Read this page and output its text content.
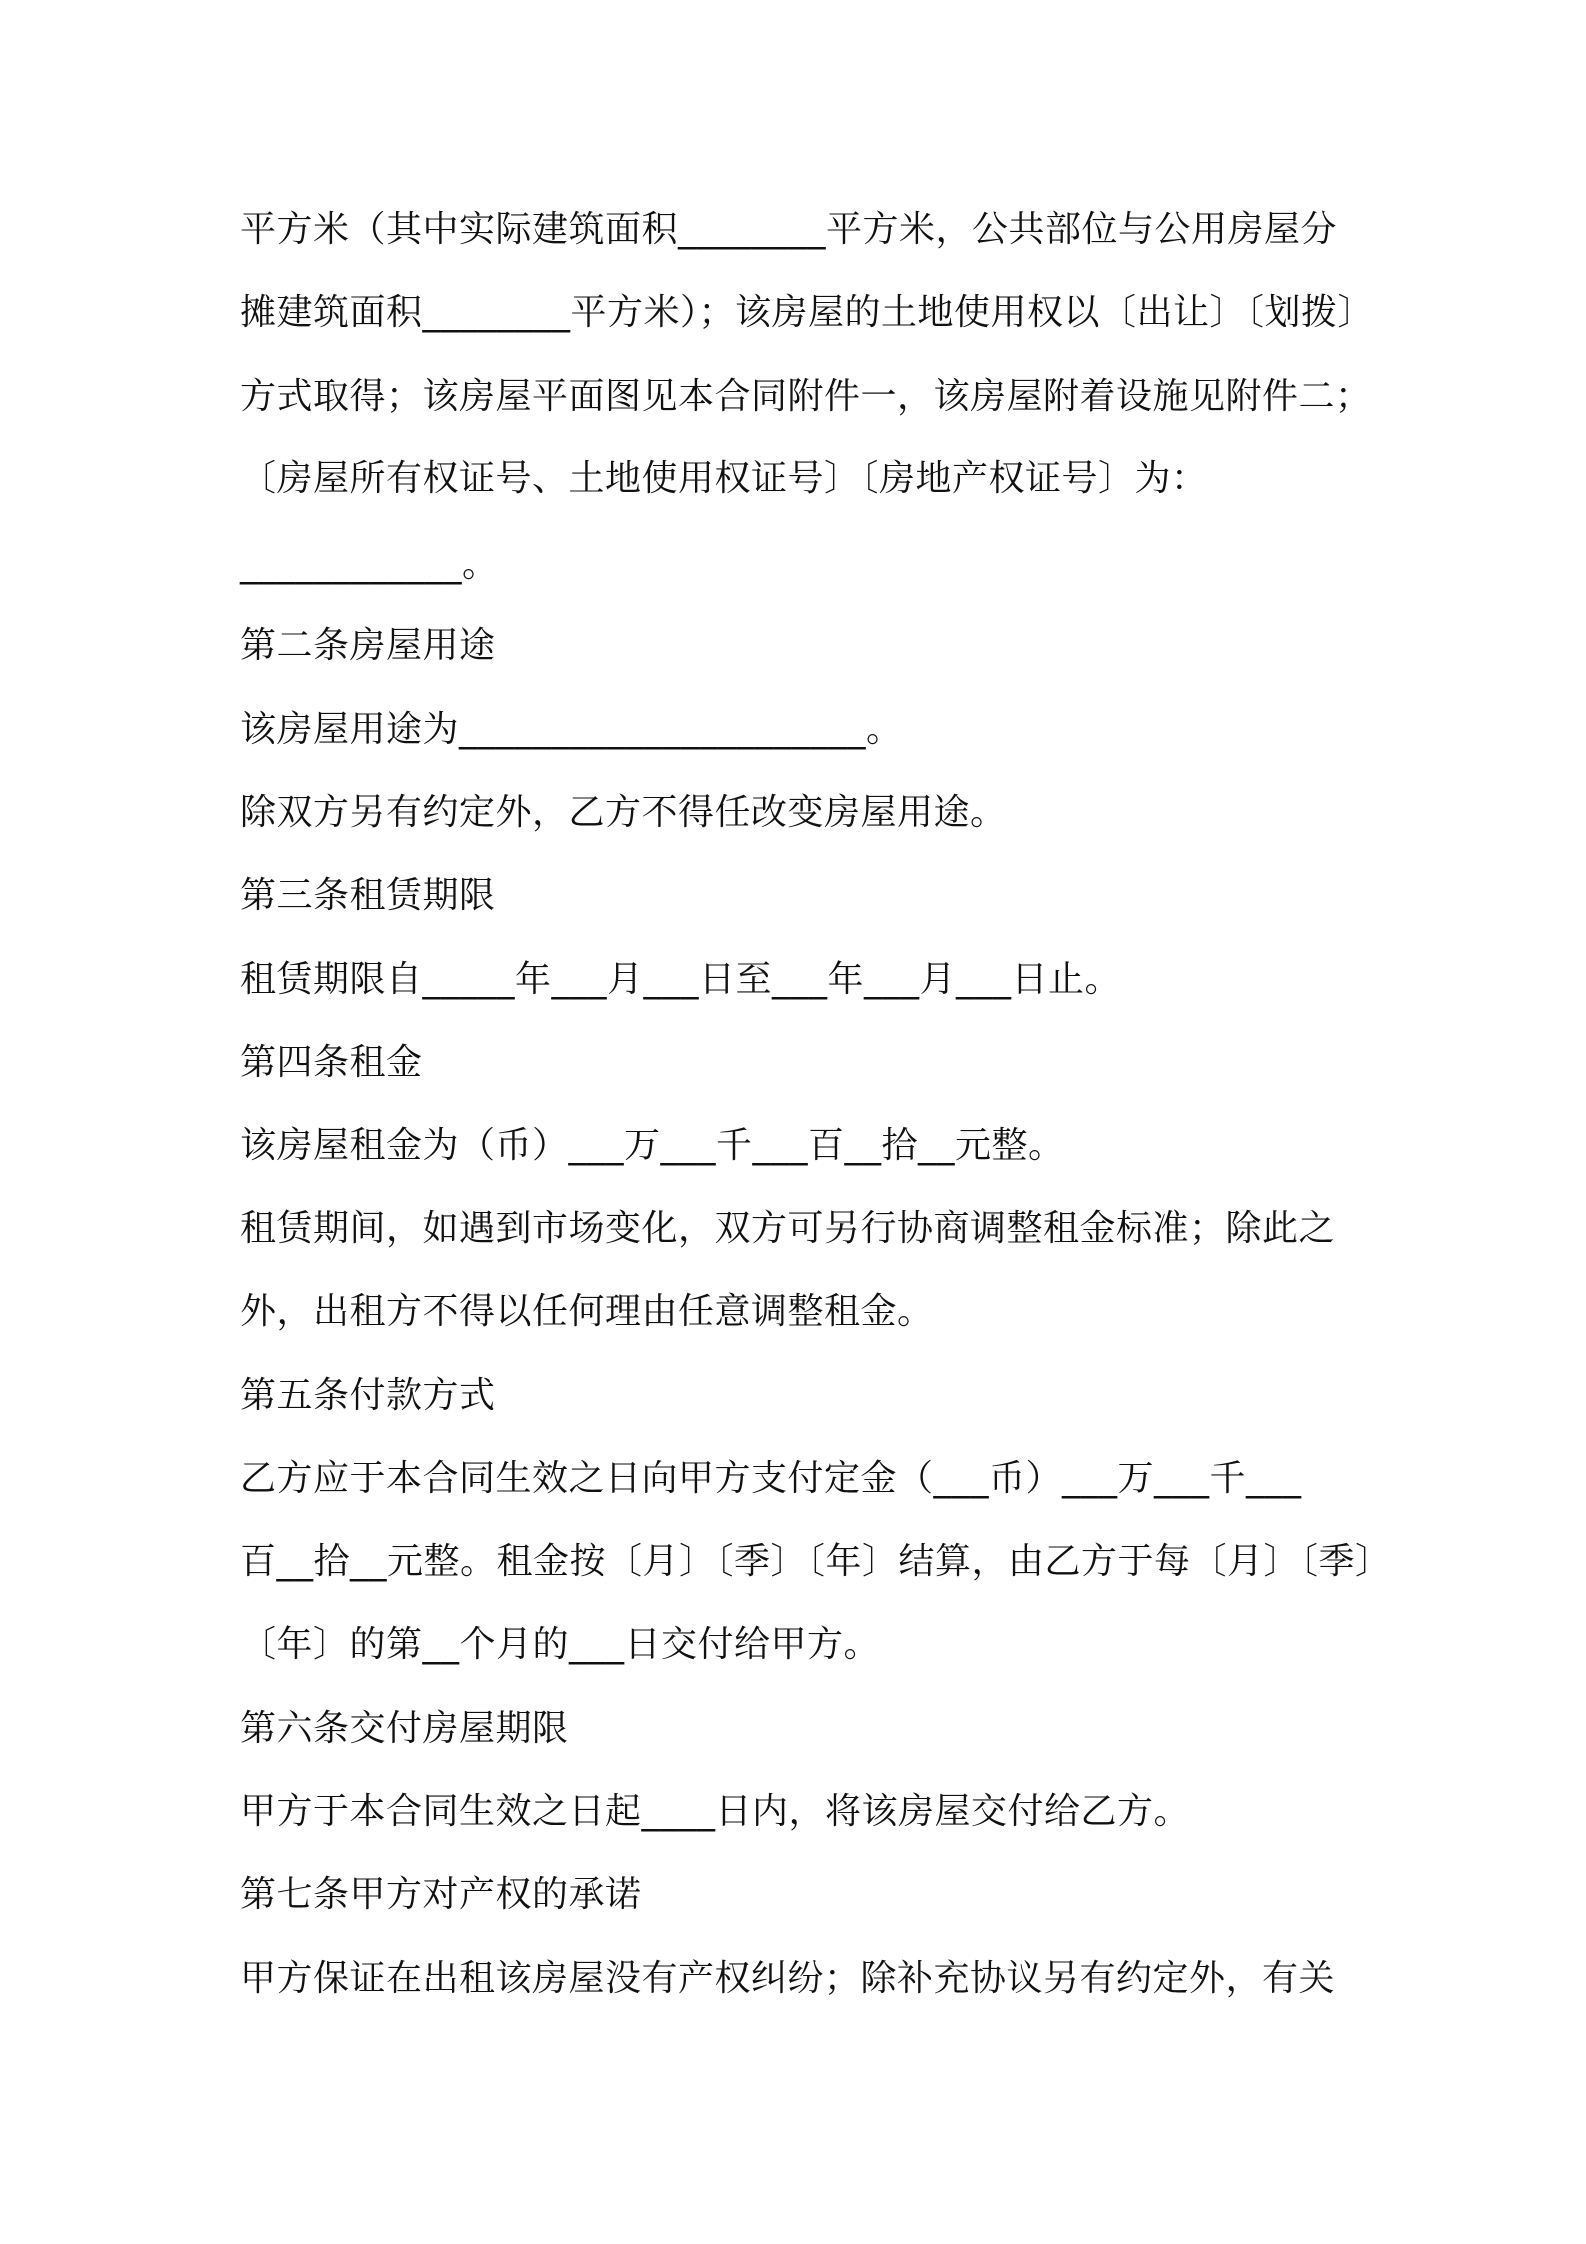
平方米（其中实际建筑面积________平方米，公共部位与公用房屋分
摊建筑面积________平方米）；该房屋的土地使用权以〔出让〕〔划拨〕
方式取得；该房屋平面图见本合同附件一，该房屋附着设施见附件二；
〔房屋所有权证号、土地使用权证号〕〔房地产权证号〕为：
____________。
第二条房屋用途
该房屋用途为______________________。
除双方另有约定外，乙方不得任改变房屋用途。
第三条租赁期限
租赁期限自_____年___月___日至___年___月___日止。
第四条租金
该房屋租金为（币）___万___千___百__拾__元整。
租赁期间，如遇到市场变化，双方可另行协商调整租金标准；除此之
外，出租方不得以任何理由任意调整租金。
第五条付款方式
乙方应于本合同生效之日向甲方支付定金（___币）___万___千___
百__拾__元整。租金按〔月〕〔季〕〔年〕结算，由乙方于每〔月〕〔季〕
〔年〕的第__个月的___日交付给甲方。
第六条交付房屋期限
甲方于本合同生效之日起____日内，将该房屋交付给乙方。
第七条甲方对产权的承诺
甲方保证在出租该房屋没有产权纠纷；除补充协议另有约定外，有关
